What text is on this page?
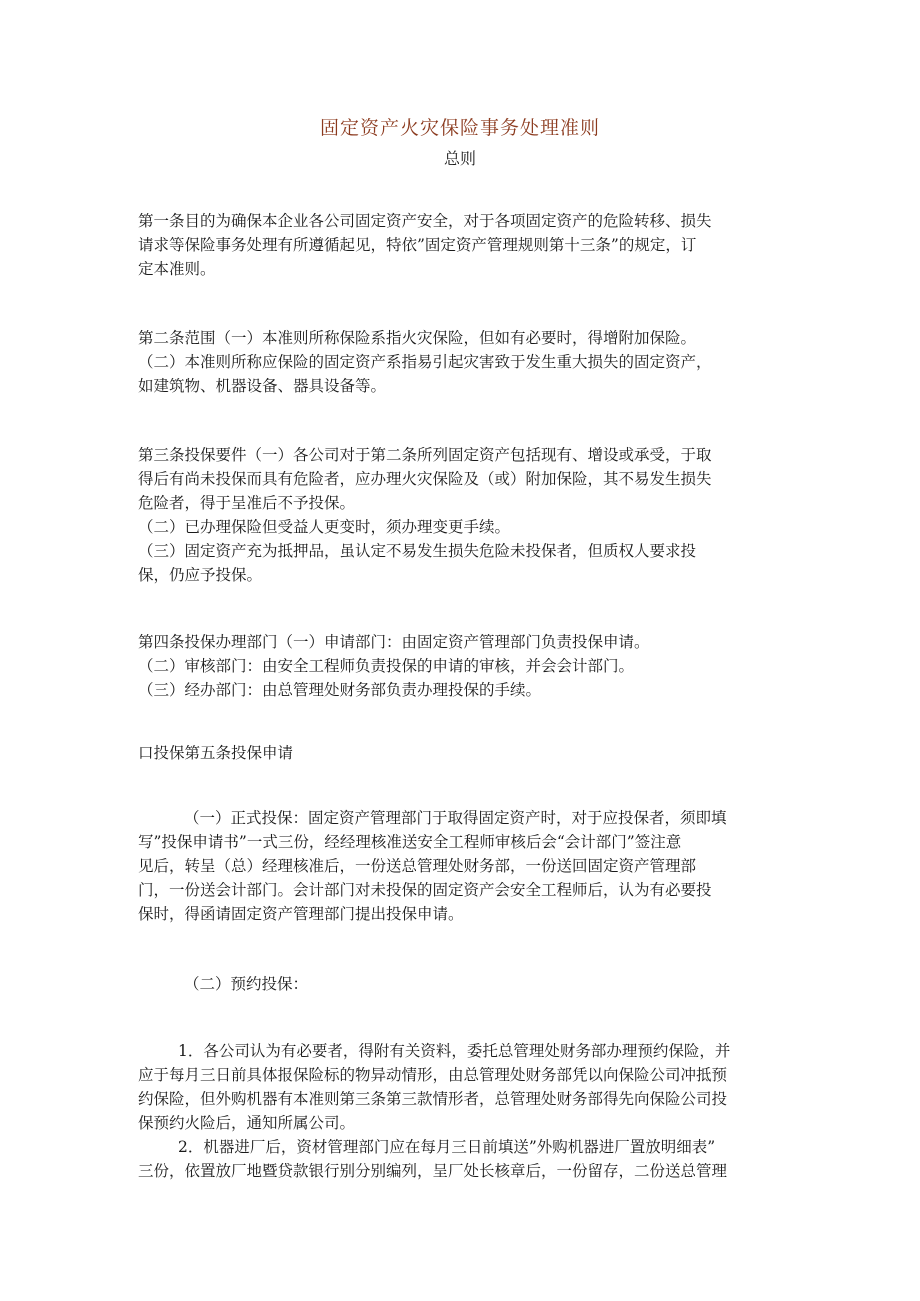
固定资产火灾保险事务处理准则
总则
第一条目的为确保本企业各公司固定资产安全，对于各项固定资产的危险转移、损失
请求等保险事务处理有所遵循起见，特依”固定资产管理规则第十三条”的规定，订
定本准则。
第二条范围（一）本准则所称保险系指火灾保险，但如有必要时，得增附加保险。
（二）本准则所称应保险的固定资产系指易引起灾害致于发生重大损失的固定资产，
如建筑物、机器设备、器具设备等。
第三条投保要件（一）各公司对于第二条所列固定资产包括现有、增设或承受，于取
得后有尚未投保而具有危险者，应办理火灾保险及（或）附加保险，其不易发生损失
危险者，得于呈准后不予投保。
（二）已办理保险但受益人更变时，须办理变更手续。
（三）固定资产充为抵押品，虽认定不易发生损失危险未投保者，但质权人要求投
保，仍应予投保。
第四条投保办理部门（一）申请部门：由固定资产管理部门负责投保申请。
（二）审核部门：由安全工程师负责投保的申请的审核，并会会计部门。
（三）经办部门：由总管理处财务部负责办理投保的手续。
口投保第五条投保申请
（一）正式投保：固定资产管理部门于取得固定资产时，对于应投保者，须即填
写”投保申请书”一式三份，经经理核准送安全工程师审核后会“会计部门”签注意
见后，转呈（总）经理核准后，一份送总管理处财务部，一份送回固定资产管理部
门，一份送会计部门。会计部门对未投保的固定资产会安全工程师后，认为有必要投
保时，得函请固定资产管理部门提出投保申请。
（二）预约投保：
1．各公司认为有必要者，得附有关资料，委托总管理处财务部办理预约保险，并
应于每月三日前具体报保险标的物异动情形，由总管理处财务部凭以向保险公司冲抵预
约保险，但外购机器有本准则第三条第三款情形者，总管理处财务部得先向保险公司投
保预约火险后，通知所属公司。
2．机器进厂后，资材管理部门应在每月三日前填送”外购机器进厂置放明细表”
三份，依置放厂地暨贷款银行别分别编列，呈厂处长核章后，一份留存，二份送总管理
